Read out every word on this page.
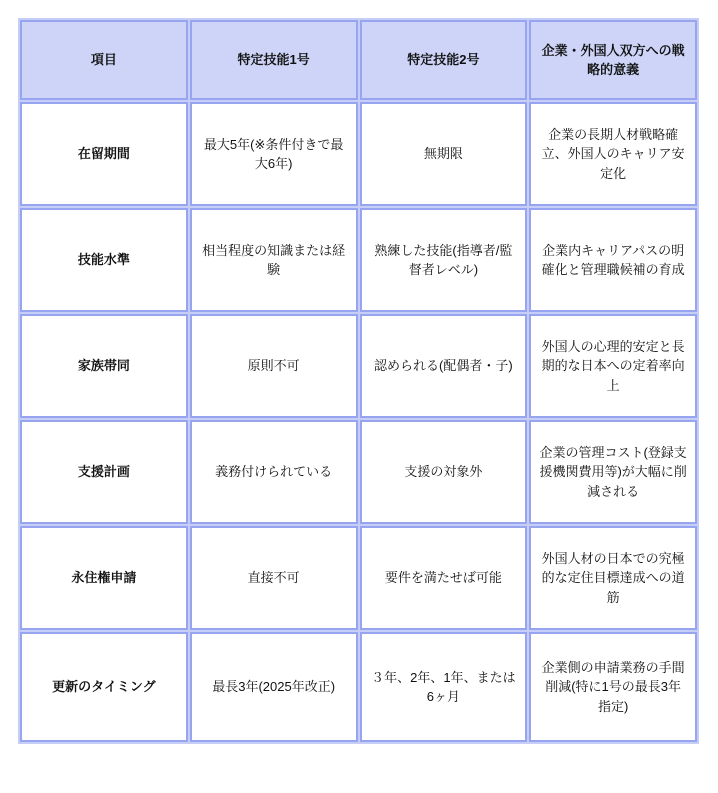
項目	特定技能1号	特定技能2号	企業・外国人双方への戦略的意義
在留期間	最大5年(※条件付きで最大6年)	無期限	企業の長期人材戦略確立、外国人のキャリア安定化
技能水準	相当程度の知識または経験	熟練した技能(指導者/監督者レベル)	企業内キャリアパスの明確化と管理職候補の育成
家族帯同	原則不可	認められる(配偶者・子)	外国人の心理的安定と長期的な日本への定着率向上
支援計画	義務付けられている	支援の対象外	企業の管理コスト(登録支援機関費用等)が大幅に削減される
永住権申請	直接不可	要件を満たせば可能	外国人材の日本での究極的な定住目標達成への道筋
更新のタイミング	最長3年(2025年改正)	３年、2年、1年、または6ヶ月	企業側の申請業務の手間削減(特に1号の最長3年指定)
